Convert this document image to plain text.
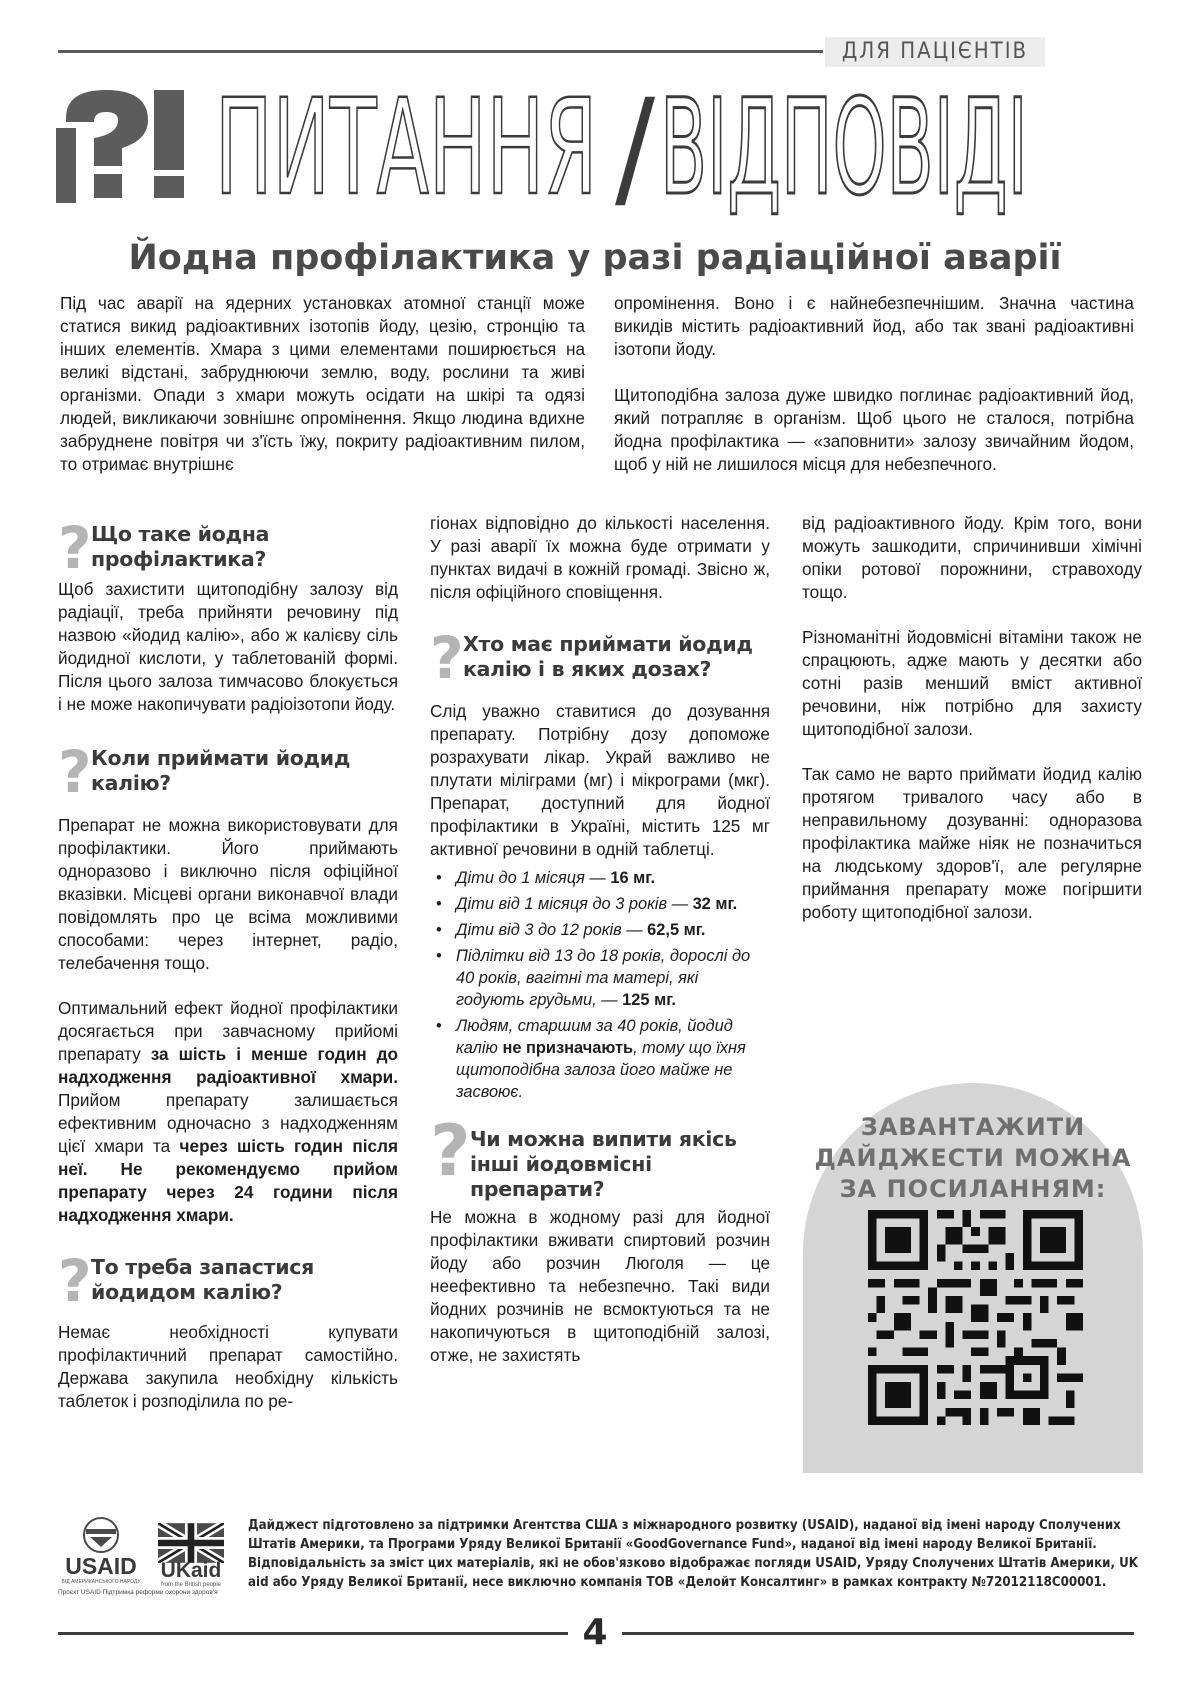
ДЛЯ ПАЦІЄНТІВ
ПИТАННЯ / ВІДПОВІДІ
Йодна профілактика у разі радіаційної аварії

Під час аварії на ядерних установках атомної станції може статися викид радіоактивних ізотопів йоду, цезію, стронцію та інших елементів. Хмара з цими елементами поширюється на великі відстані, забруднюючи землю, воду, рослини та живі організми. Опади з хмари можуть осідати на шкірі та одязі людей, викликаючи зовнішнє опромінення. Якщо людина вдихне забруднене повітря чи з'їсть їжу, покриту радіоактивним пилом, то отримає внутрішнє

опромінення. Воно і є найнебезпечнішим. Значна частина викидів містить радіоактивний йод, або так звані радіоактивні ізотопи йоду.

Щитоподібна залоза дуже швидко поглинає радіоактивний йод, який потрапляє в організм. Щоб цього не сталося, потрібна йодна профілактика — «заповнити» залозу звичайним йодом, щоб у ній не лишилося місця для небезпечного.

? Що таке йодна профілактика?

Щоб захистити щитоподібну залозу від радіації, треба прийняти речовину під назвою «йодид калію», або ж калієву сіль йодидної кислоти, у таблетованій формі. Після цього залоза тимчасово блокується і не може накопичувати радіоізотопи йоду.

? Коли приймати йодид калію?

Препарат не можна використовувати для профілактики. Його приймають одноразово і виключно після офіційної вказівки. Місцеві органи виконавчої влади повідомлять про це всіма можливими способами: через інтернет, радіо, телебачення тощо.

Оптимальний ефект йодної профілактики досягається при завчасному прийомі препарату за шість і менше годин до надходження радіоактивної хмари. Прийом препарату залишається ефективним одночасно з надходженням цієї хмари та через шість годин після неї. Не рекомендуємо прийом препарату через 24 години після надходження хмари.

? То треба запастися йодидом калію?

Немає необхідності купувати профілактичний препарат самостійно. Держава закупила необхідну кількість таблеток і розподілила по ре-

гіонах відповідно до кількості населення. У разі аварії їх можна буде отримати у пунктах видачі в кожній громаді. Звісно ж, після офіційного сповіщення.

? Хто має приймати йодид калію і в яких дозах?

Слід уважно ставитися до дозування препарату. Потрібну дозу допоможе розрахувати лікар. Украй важливо не плутати міліграми (мг) і мікрограми (мкг). Препарат, доступний для йодної профілактики в Україні, містить 125 мг активної речовини в одній таблетці.

• Діти до 1 місяця — 16 мг.
• Діти від 1 місяця до 3 років — 32 мг.
• Діти від 3 до 12 років — 62,5 мг.
• Підлітки від 13 до 18 років, дорослі до 40 років, вагітні та матері, які годують грудьми, — 125 мг.
• Людям, старшим за 40 років, йодид калію не призначають, тому що їхня щитоподібна залоза його майже не засвоює.
? Чи можна випити якісь інші йодовмісні препарати?

Не можна в жодному разі для йодної профілактики вживати спиртовий розчин йоду або розчин Люголя — це неефективно та небезпечно. Такі види йодних розчинів не всмоктуються та не накопичуються в щитоподібній залозі, отже, не захистять

від радіоактивного йоду. Крім того, вони можуть зашкодити, спричинивши хімічні опіки ротової порожнини, стравоходу тощо.

Різноманітні йодовмісні вітаміни також не спрацюють, адже мають у десятки або сотні разів менший вміст активної речовини, ніж потрібно для захисту щитоподібної залози.

Так само не варто приймати йодид калію протягом тривалого часу або в неправильному дозуванні: одноразова профілактика майже ніяк не позначиться на людському здоров'ї, але регулярне приймання препарату може погіршити роботу щитоподібної залози.

ЗАВАНТАЖИТИ
ДАЙДЖЕСТИ МОЖНА
ЗА ПОСИЛАННЯМ:
USAID
ВІД АМЕРИКАНСЬКОГО НАРОДУ UKaid
from the British people
Проєкт USAID Підтримка реформи охорони здоров'я
Дайджест підготовлено за підтримки Агентства США з міжнародного розвитку (USAID), наданої від імені народу Сполучених Штатів Америки, та Програми Уряду Великої Британії «GoodGovernance Fund», наданої від імені народу Великої Британії. Відповідальність за зміст цих матеріалів, які не обов'язково відображає погляди USAID, Уряду Сполучених Штатів Америки, UK aid або Уряду Великої Британії, несе виключно компанія ТОВ «Делойт Консалтинг» в рамках контракту №72012118C00001.
4
